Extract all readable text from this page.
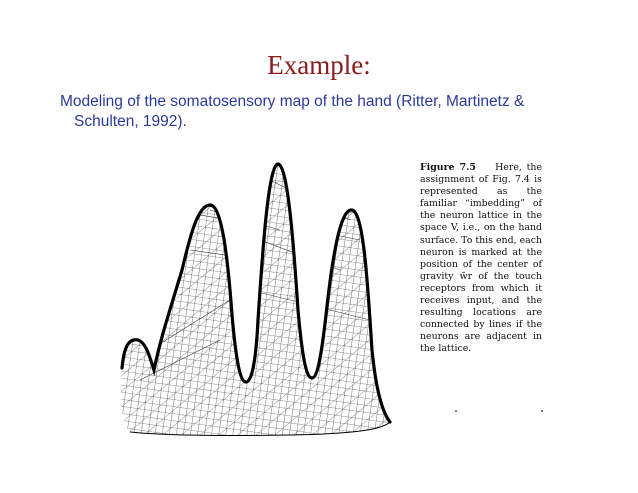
Example:
Modeling of the somatosensory map of the hand (Ritter, Martinetz &
Schulten, 1992).
Figure 7.5 Here, the assignment of Fig. 7.4 is represented as the familiar “imbedding” of the neuron lattice in the space V, i.e., on the hand surface. To this end, each neuron is marked at the position of the center of gravity w̄r of the touch receptors from which it receives input, and the resulting locations are connected by lines if the neurons are adjacent in the lattice.
